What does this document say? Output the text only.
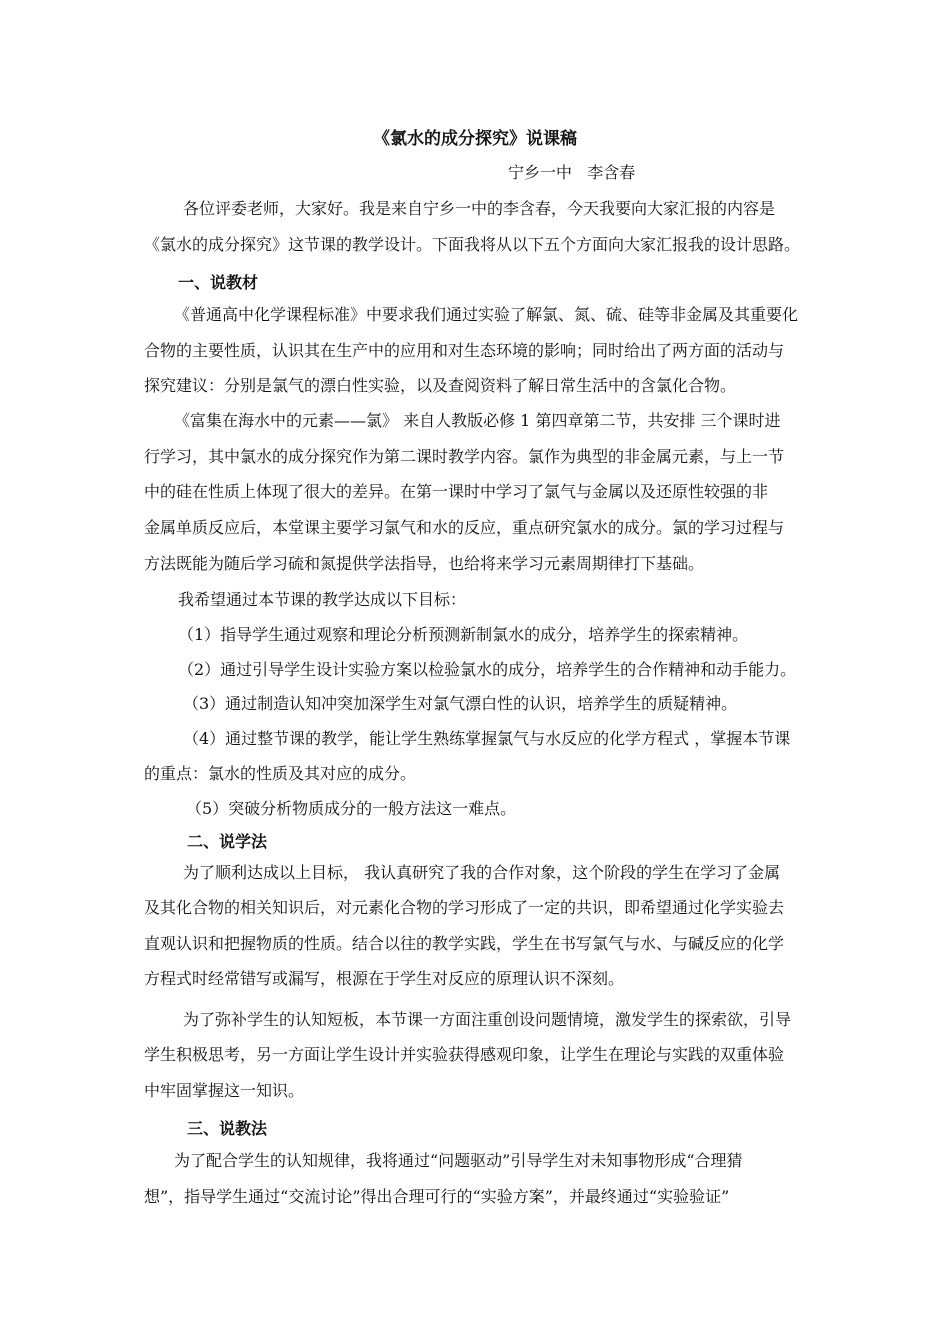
《氯水的成分探究》说课稿
宁乡一中   李含春
各位评委老师，大家好。我是来自宁乡一中的李含春，今天我要向大家汇报的内容是
《氯水的成分探究》这节课的教学设计。下面我将从以下五个方面向大家汇报我的设计思路。
一、说教材
《普通高中化学课程标准》中要求我们通过实验了解氯、氮、硫、硅等非金属及其重要化
合物的主要性质，认识其在生产中的应用和对生态环境的影响；同时给出了两方面的活动与
探究建议：分别是氯气的漂白性实验，以及查阅资料了解日常生活中的含氯化合物。
《富集在海水中的元素——氯》 来自人教版必修 1 第四章第二节，共安排 三个课时进
行学习，其中氯水的成分探究作为第二课时教学内容。氯作为典型的非金属元素，与上一节
中的硅在性质上体现了很大的差异。在第一课时中学习了氯气与金属以及还原性较强的非
金属单质反应后，本堂课主要学习氯气和水的反应，重点研究氯水的成分。氯的学习过程与
方法既能为随后学习硫和氮提供学法指导，也给将来学习元素周期律打下基础。
我希望通过本节课的教学达成以下目标：
（1）指导学生通过观察和理论分析预测新制氯水的成分，培养学生的探索精神。
（2）通过引导学生设计实验方案以检验氯水的成分，培养学生的合作精神和动手能力。
（3）通过制造认知冲突加深学生对氯气漂白性的认识，培养学生的质疑精神。
（4）通过整节课的教学，能让学生熟练掌握氯气与水反应的化学方程式 ，掌握本节课
的重点：氯水的性质及其对应的成分。
（5）突破分析物质成分的一般方法这一难点。
二、说学法
为了顺利达成以上目标， 我认真研究了我的合作对象，这个阶段的学生在学习了金属
及其化合物的相关知识后，对元素化合物的学习形成了一定的共识，即希望通过化学实验去
直观认识和把握物质的性质。结合以往的教学实践，学生在书写氯气与水、与碱反应的化学
方程式时经常错写或漏写，根源在于学生对反应的原理认识不深刻。
为了弥补学生的认知短板，本节课一方面注重创设问题情境，激发学生的探索欲，引导
学生积极思考，另一方面让学生设计并实验获得感观印象，让学生在理论与实践的双重体验
中牢固掌握这一知识。
三、说教法
为了配合学生的认知规律，我将通过“问题驱动”引导学生对未知事物形成“合理猜
想”，指导学生通过“交流讨论”得出合理可行的“实验方案”，并最终通过“实验验证”
